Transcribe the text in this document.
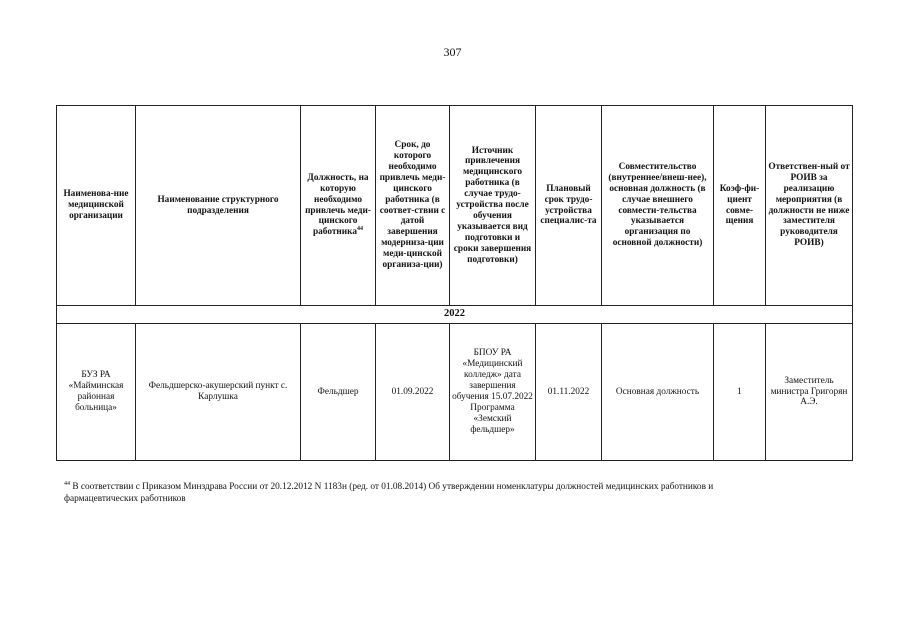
307
Наименова-ние медицинской организации	Наименование структурного подразделения	Должность, на которую необходимо привлечь меди-цинского работника$^{44}$	Срок, до которого необходимо привлечь меди-цинского работника (в соответ-ствии с датой завершения модерниза-ции меди-цинской организа-ции)	Источник привлечения медицинского работника (в случае трудо-устройства после обучения указывается вид подготовки и сроки завершения подготовки)	Плановый срок трудо-устройства специалис-та	Совместительство (внутреннее/внеш-нее), основная должность (в случае внешнего совмести-тельства указывается организация по основной должности)	Коэф-фи-циент совме-щения	Ответствен-ный от РОИВ за реализацию мероприятия (в должности не ниже заместителя руководителя РОИВ)
2022								
БУЗ РА «Майминская районная больница»	Фельдшерско-акушерский пункт с. Карлушка	Фельдшер	01.09.2022	БПОУ РА «Медицинский колледж» дата завершения обучения 15.07.2022 Программа «Земский фельдшер»	01.11.2022	Основная должность	1	Заместитель министра Григорян А.Э.
$^{44}$ В соответствии с Приказом Минздрава России от 20.12.2012 N 1183н (ред. от 01.08.2014) Об утверждении номенклатуры должностей медицинских работников и фармацевтических работников
